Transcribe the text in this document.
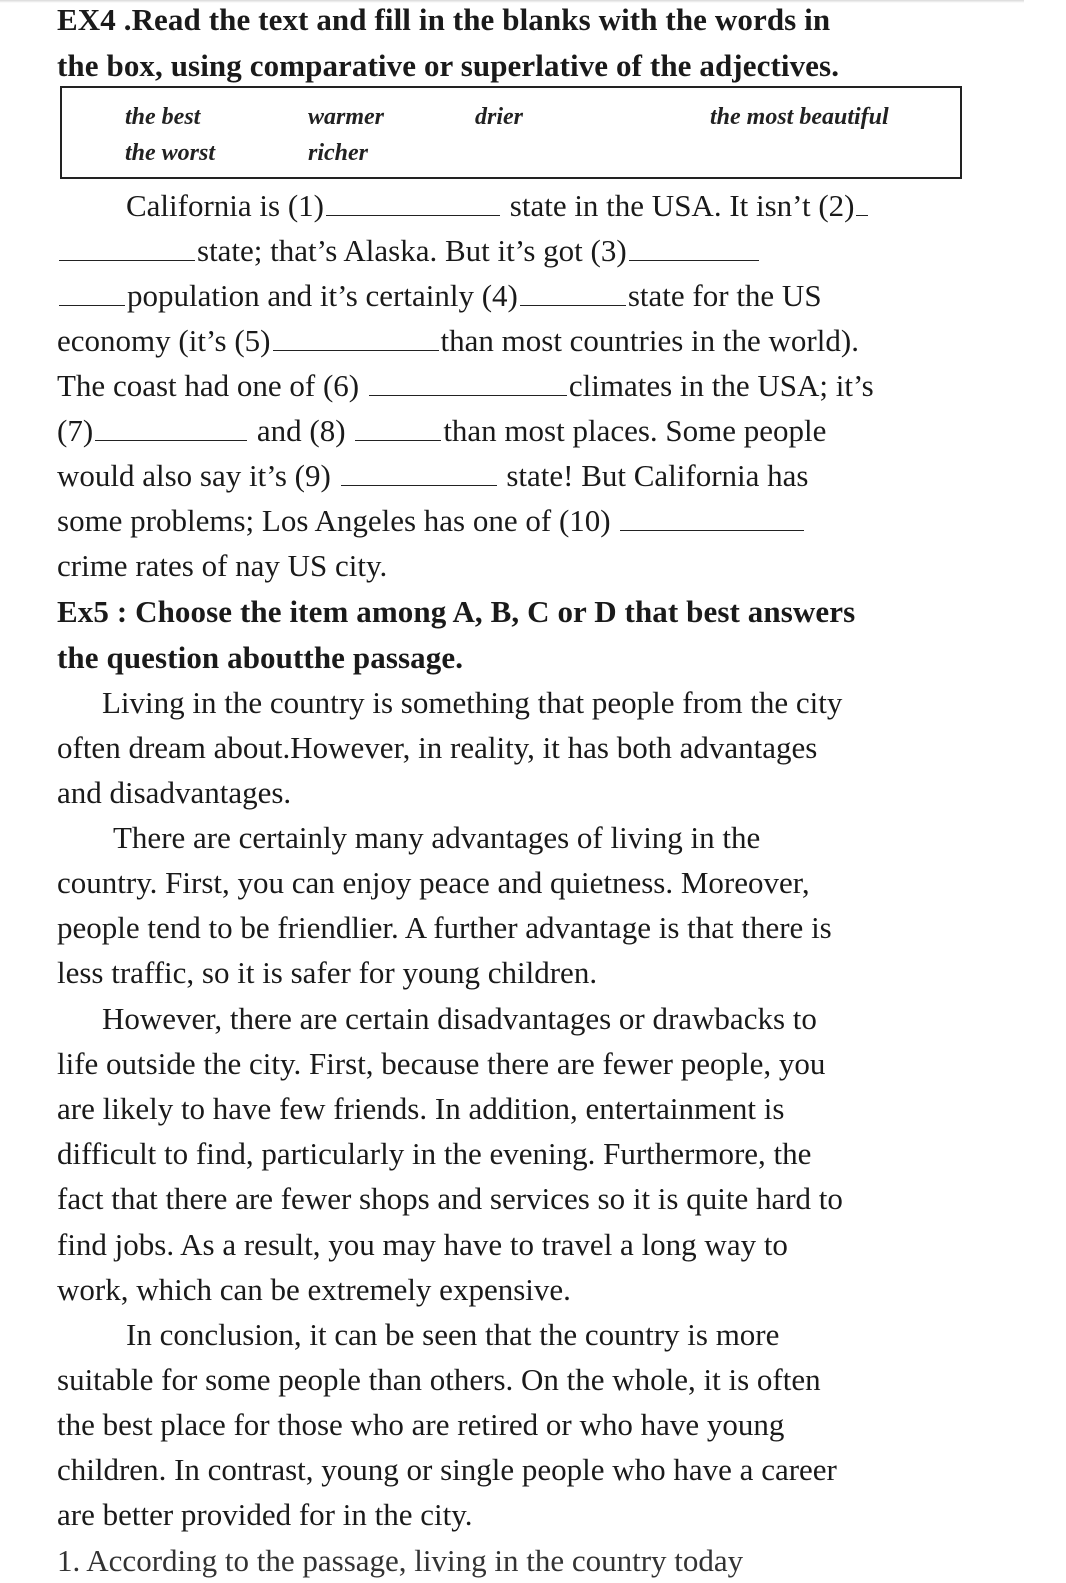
EX4 .Read the text and fill in the blanks with the words in
the box, using comparative or superlative of the adjectives.
the best	warmer	drier	the most beautiful
the worst	richer
California is (1)	state in the USA. It isn’t (2)
state; that’s Alaska. But it’s got (3)
population and it’s certainly (4)	state for the US
economy (it’s (5)	than most countries in the world).
The coast had one of (6)	climates in the USA; it’s
(7)	and (8)	than most places. Some people
would also say it’s (9)	state! But California has
some problems; Los Angeles has one of (10)
crime rates of nay US city.
Ex5 : Choose the item among A, B, C or D that best answers
the question aboutthe passage.
Living in the country is something that people from the city
often dream about.However, in reality, it has both advantages
and disadvantages.
There are certainly many advantages of living in the
country. First, you can enjoy peace and quietness. Moreover,
people tend to be friendlier. A further advantage is that there is
less traffic, so it is safer for young children.
However, there are certain disadvantages or drawbacks to
life outside the city. First, because there are fewer people, you
are likely to have few friends. In addition, entertainment is
difficult to find, particularly in the evening. Furthermore, the
fact that there are fewer shops and services so it is quite hard to
find jobs. As a result, you may have to travel a long way to
work, which can be extremely expensive.
In conclusion, it can be seen that the country is more
suitable for some people than others. On the whole, it is often
the best place for those who are retired or who have young
children. In contrast, young or single people who have a career
are better provided for in the city.
1. According to the passage, living in the country today
